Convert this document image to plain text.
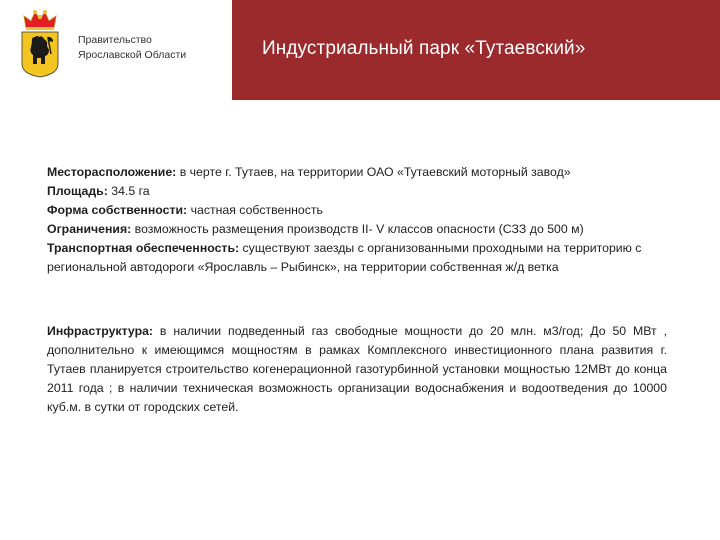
Правительство
Ярославской Области	Индустриальный парк «Тутаевский»

Месторасположение: в черте г. Тутаев, на территории ОАО «Тутаевский моторный завод»

Площадь: 34.5 га

Форма собственности: частная собственность

Ограничения: возможность размещения производств II- V классов опасности (СЗЗ до 500 м)

Транспортная обеспеченность: существуют заезды с организованными проходными на территорию с региональной автодороги «Ярославль – Рыбинск», на территории собственная ж/д ветка

Инфраструктура: в наличии подведенный газ свободные мощности до 20 млн. м3/год; До 50 МВт , дополнительно к имеющимся мощностям в рамках Комплексного инвестиционного плана развития г. Тутаев планируется строительство когенерационной газотурбинной установки мощностью 12МВт до конца 2011 года ; в наличии техническая возможность организации водоснабжения и водоотведения до 10000 куб.м. в сутки от городских сетей.
